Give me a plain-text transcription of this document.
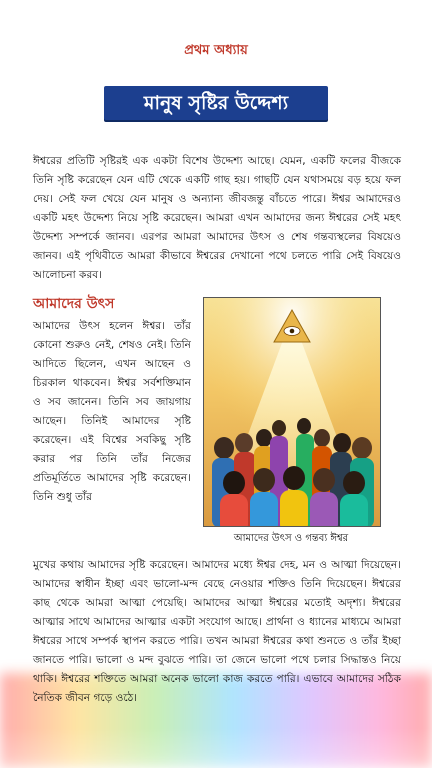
প্রথম অধ্যায়
মানুষ সৃষ্টির উদ্দেশ্য
ঈশ্বরের প্রতিটি সৃষ্টিরই এক একটা বিশেষ উদ্দেশ্য আছে। যেমন, একটি ফলের বীজকে তিনি সৃষ্টি করেছেন যেন এটি থেকে একটি গাছ হয়। গাছটি যেন যথাসময়ে বড় হয়ে ফল দেয়। সেই ফল খেয়ে যেন মানুষ ও অন্যান্য জীবজন্তু বাঁচতে পারে। ঈশ্বর আমাদেরও একটি মহৎ উদ্দেশ্য নিয়ে সৃষ্টি করেছেন। আমরা এখন আমাদের জন্য ঈশ্বরের সেই মহৎ উদ্দেশ্য সম্পর্কে জানব। এরপর আমরা আমাদের উৎস ও শেষ গন্তব্যস্থলের বিষয়েও জানব। এই পৃথিবীতে আমরা কীভাবে ঈশ্বরের দেখানো পথে চলতে পারি সেই বিষয়েও আলোচনা করব।
আমাদের উৎস
আমাদের উৎস হলেন ঈশ্বর। তাঁর কোনো শুরুও নেই, শেষও নেই। তিনি আদিতে ছিলেন, এখন আছেন ও চিরকাল থাকবেন। ঈশ্বর সর্বশক্তিমান ও সব জানেন। তিনি সব জায়গায় আছেন। তিনিই আমাদের সৃষ্টি করেছেন। এই বিশ্বের সবকিছু সৃষ্টি করার পর তিনি তাঁর নিজের প্রতিমূর্তিতে আমাদের সৃষ্টি করেছেন। তিনি শুধু তাঁর
আমাদের উৎস ও গন্তব্য ঈশ্বর
মুখের কথায় আমাদের সৃষ্টি করেছেন। আমাদের মধ্যে ঈশ্বর দেহ, মন ও আত্মা দিয়েছেন। আমাদের স্বাধীন ইচ্ছা এবং ভালো-মন্দ বেছে নেওয়ার শক্তিও তিনি দিয়েছেন। ঈশ্বরের কাছ থেকে আমরা আত্মা পেয়েছি। আমাদের আত্মা ঈশ্বরের মতোই অদৃশ্য। ঈশ্বরের আত্মার সাথে আমাদের আত্মার একটা সংযোগ আছে। প্রার্থনা ও ধ্যানের মাধ্যমে আমরা ঈশ্বরের সাথে সম্পর্ক স্থাপন করতে পারি। তখন আমরা ঈশ্বরের কথা শুনতে ও তাঁর ইচ্ছা জানতে পারি। ভালো ও মন্দ বুঝতে পারি। তা জেনে ভালো পথে চলার সিদ্ধান্তও নিয়ে থাকি। ঈশ্বরের শক্তিতে আমরা অনেক ভালো কাজ করতে পারি। এভাবে আমাদের সঠিক নৈতিক জীবন গড়ে ওঠে।
